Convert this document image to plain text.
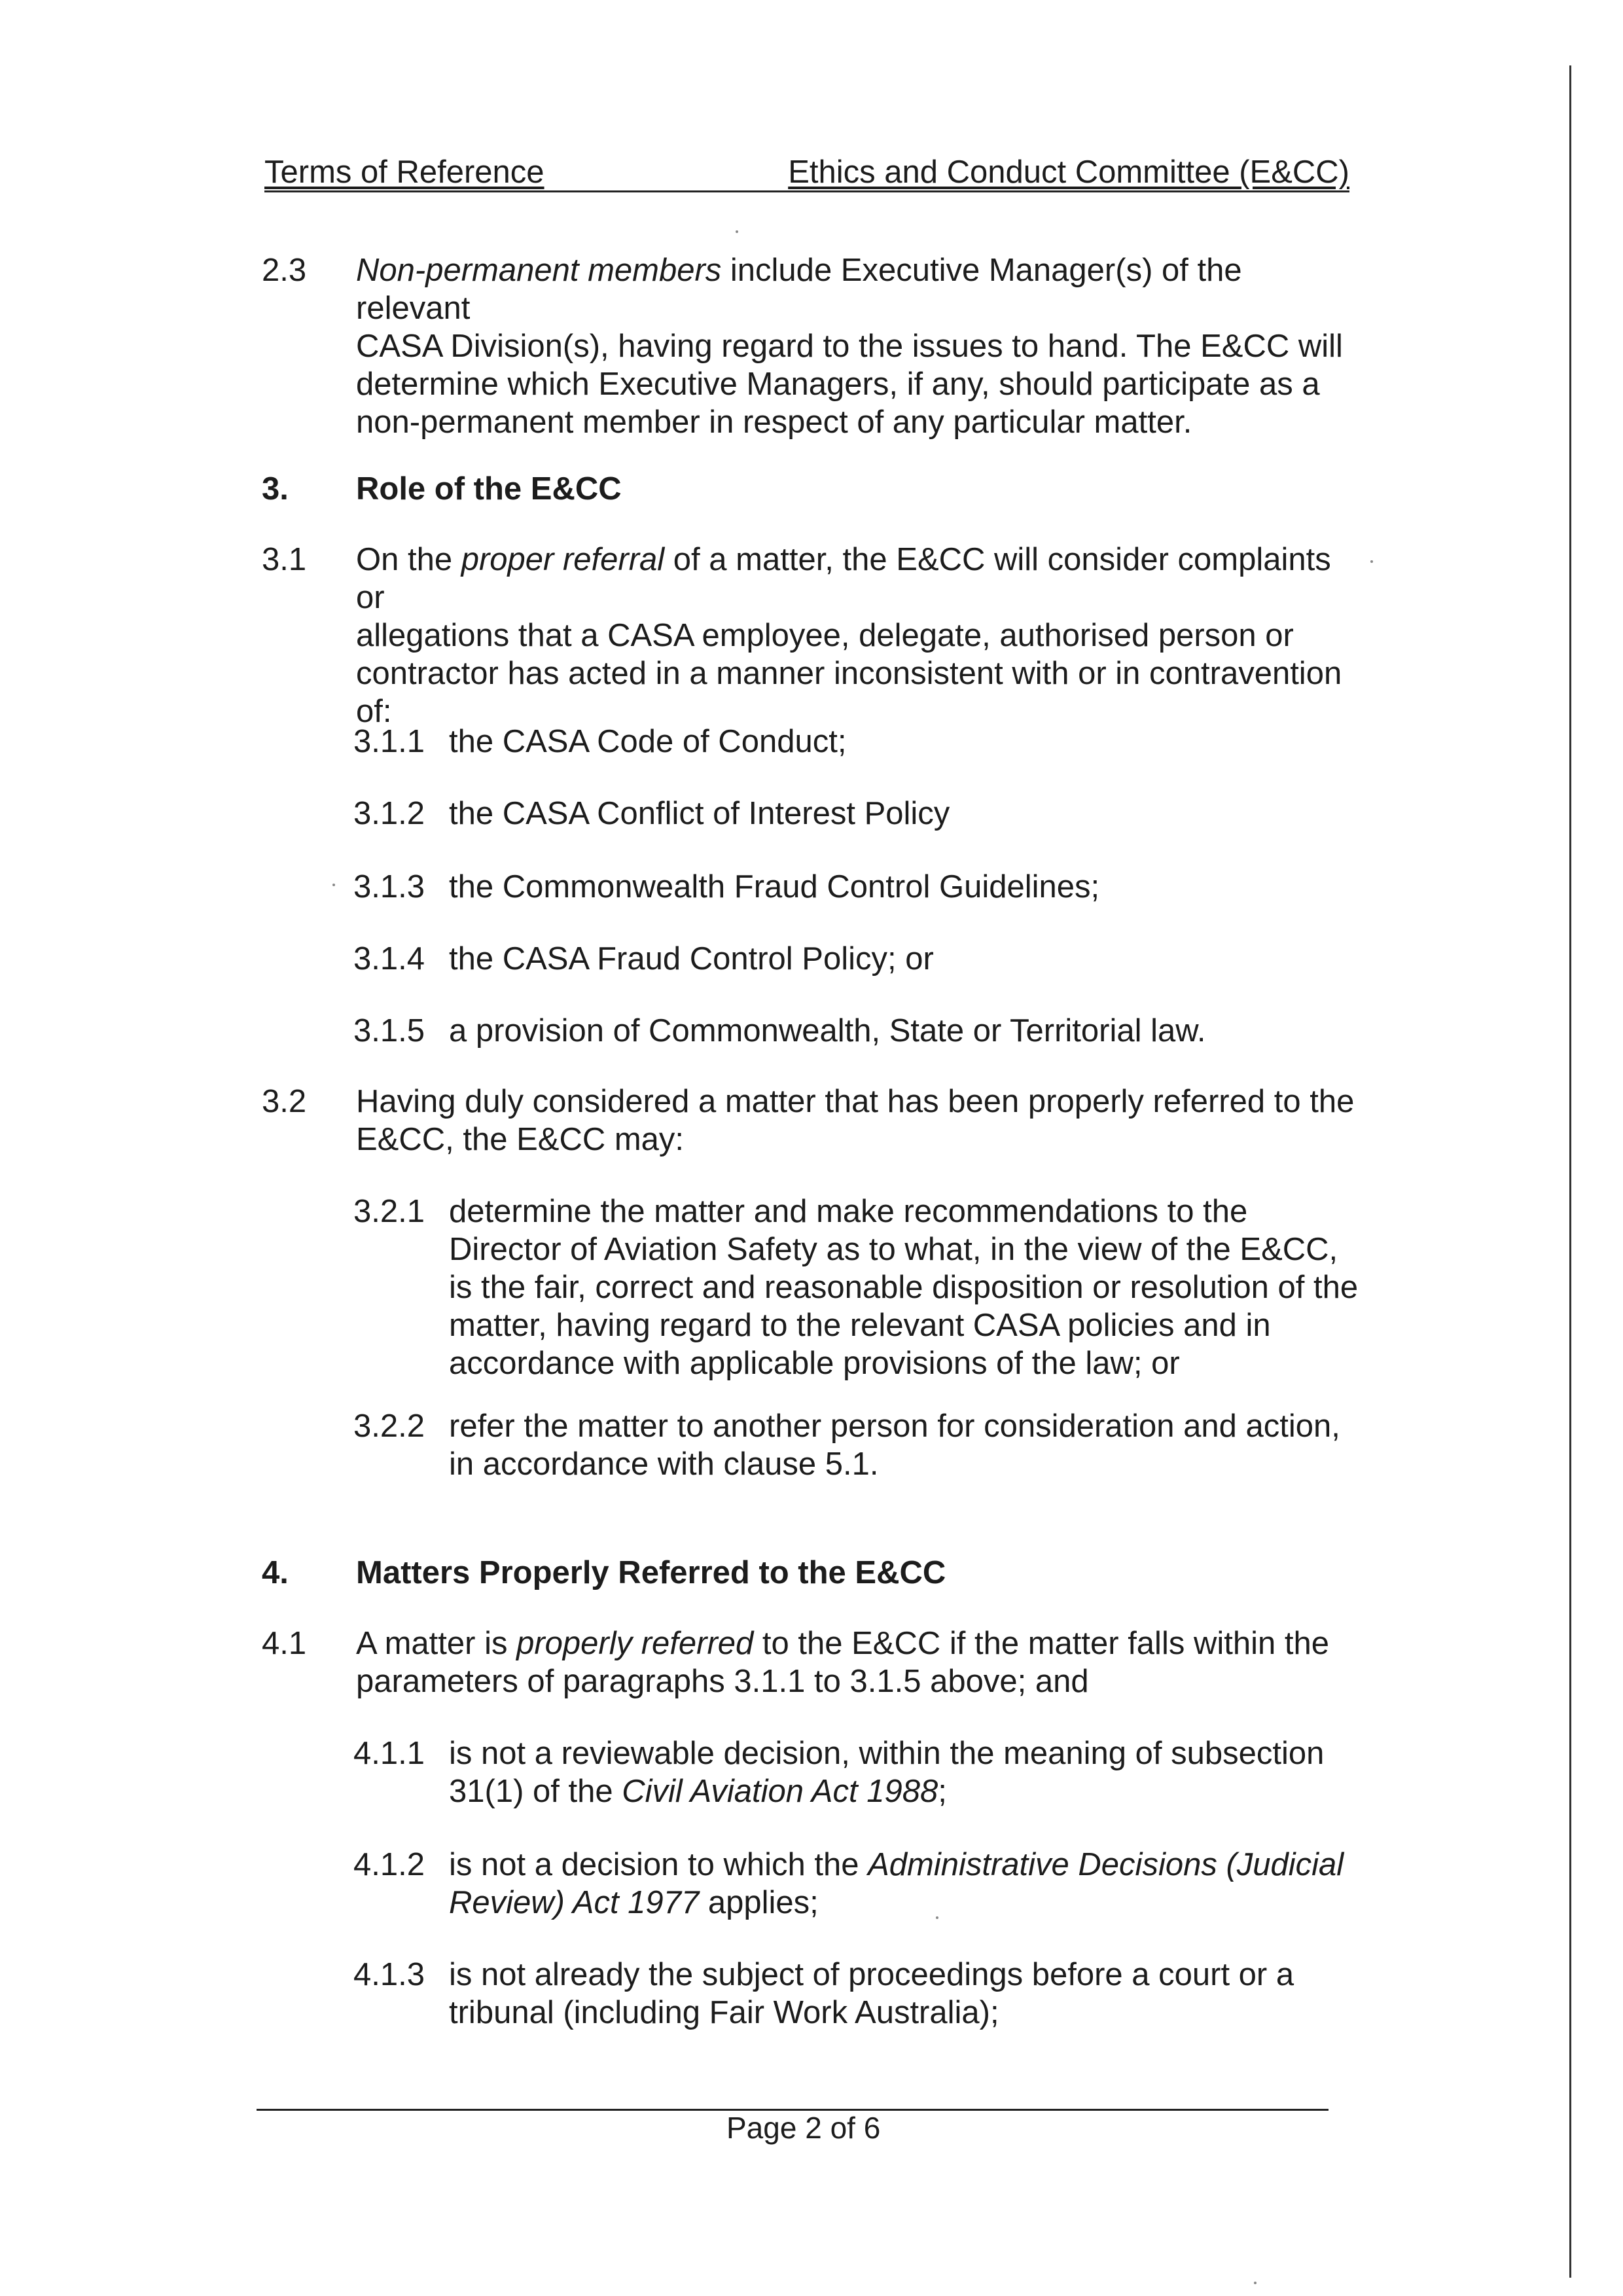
Terms of Reference	Ethics and Conduct Committee (E&CC)
2.3 Non-permanent members include Executive Manager(s) of the relevant
CASA Division(s), having regard to the issues to hand. The E&CC will
determine which Executive Managers, if any, should participate as a
non-permanent member in respect of any particular matter.
3. Role of the E&CC
3.1 On the proper referral of a matter, the E&CC will consider complaints or
allegations that a CASA employee, delegate, authorised person or
contractor has acted in a manner inconsistent with or in contravention
of:
3.1.1 the CASA Code of Conduct;
3.1.2 the CASA Conflict of Interest Policy
3.1.3 the Commonwealth Fraud Control Guidelines;
3.1.4 the CASA Fraud Control Policy; or
3.1.5 a provision of Commonwealth, State or Territorial law.
3.2 Having duly considered a matter that has been properly referred to the
E&CC, the E&CC may:
3.2.1 determine the matter and make recommendations to the
Director of Aviation Safety as to what, in the view of the E&CC,
is the fair, correct and reasonable disposition or resolution of the
matter, having regard to the relevant CASA policies and in
accordance with applicable provisions of the law; or
3.2.2 refer the matter to another person for consideration and action,
in accordance with clause 5.1.
4. Matters Properly Referred to the E&CC
4.1 A matter is properly referred to the E&CC if the matter falls within the
parameters of paragraphs 3.1.1 to 3.1.5 above; and
4.1.1 is not a reviewable decision, within the meaning of subsection
31(1) of the Civil Aviation Act 1988;
4.1.2 is not a decision to which the Administrative Decisions (Judicial
Review) Act 1977 applies;
4.1.3 is not already the subject of proceedings before a court or a
tribunal (including Fair Work Australia);
Page 2 of 6
